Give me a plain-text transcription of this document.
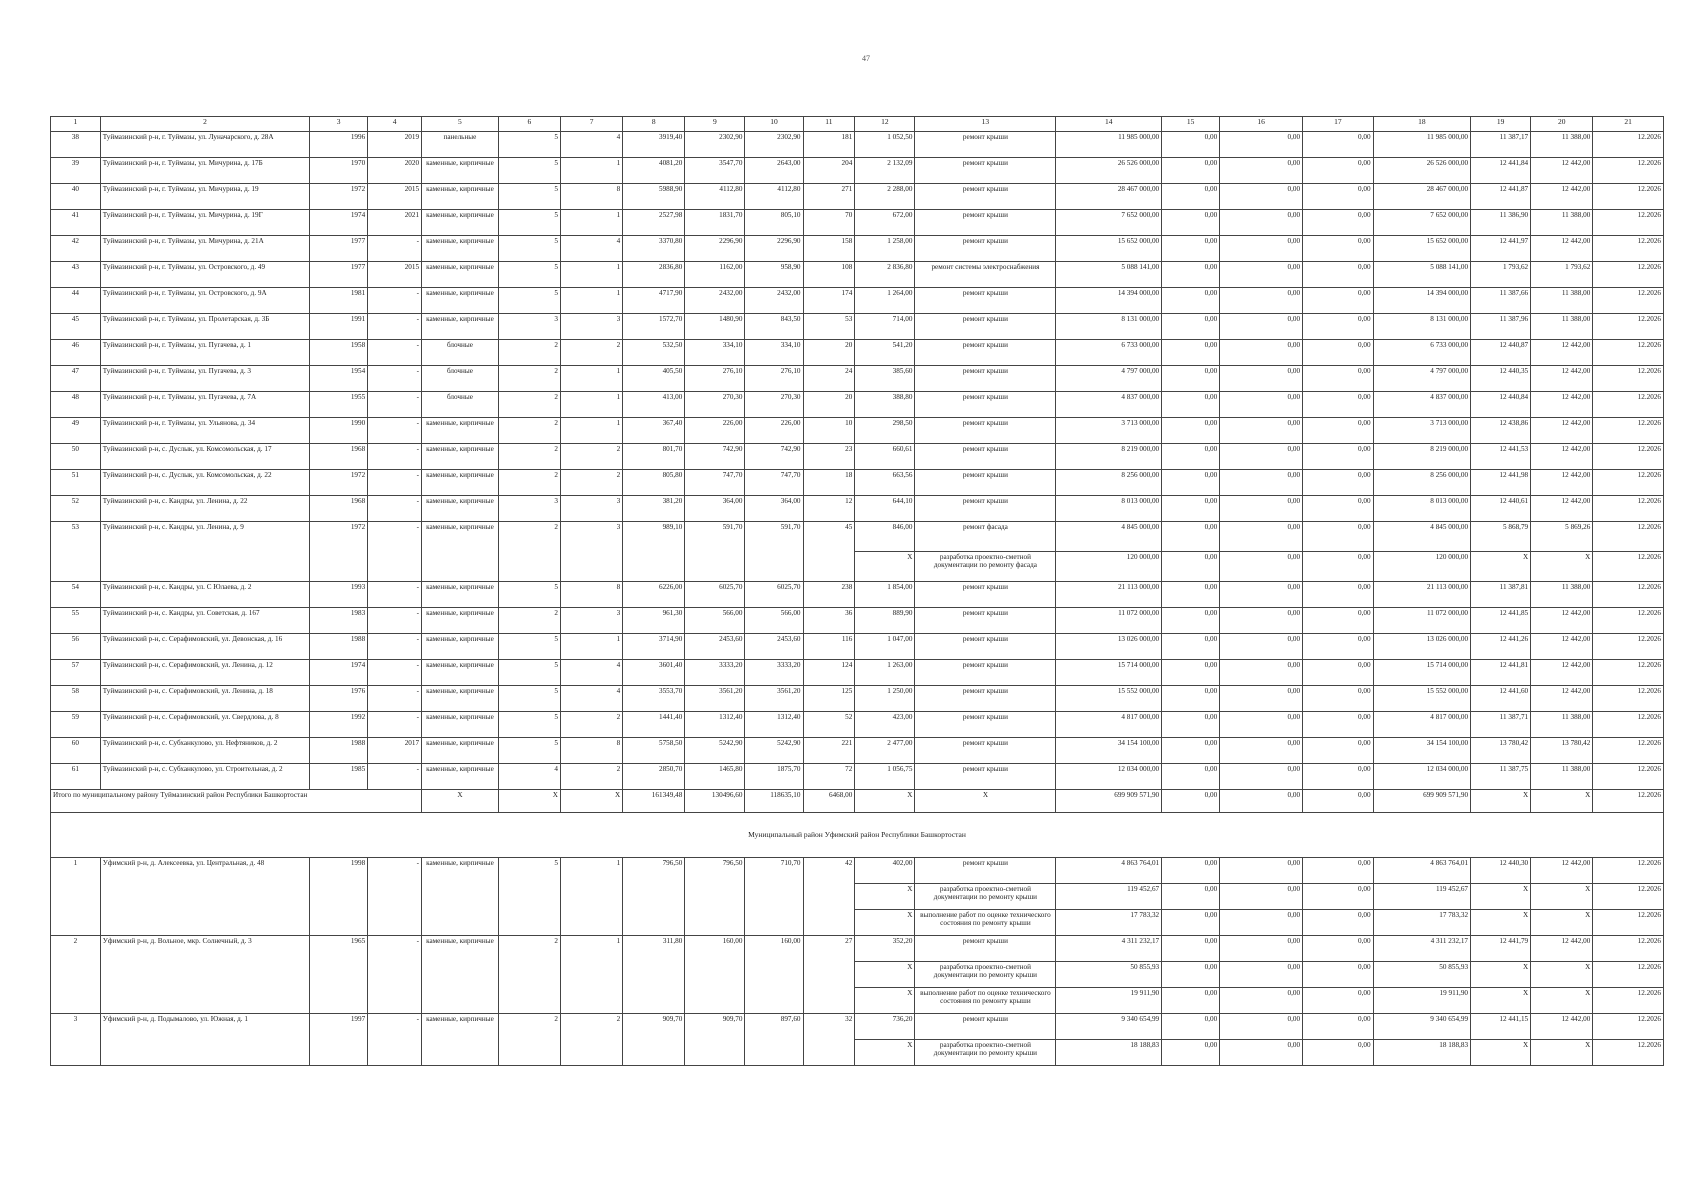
47
1	2	3	4	5	6	7	8	9	10	11	12	13	14	15	16	17	18	19	20	21
38	Туймазинский р-н, г. Туймазы, ул. Луначарского, д. 28А	1996	2019	панельные	5	4	3919,40	2302,90	2302,90	181	1 052,50	ремонт крыши	11 985 000,00	0,00	0,00	0,00	11 985 000,00	11 387,17	11 388,00	12.2026
39	Туймазинский р-н, г. Туймазы, ул. Мичурина, д. 17Б	1970	2020	каменные, кирпичные	5	1	4081,20	3547,70	2643,00	204	2 132,09	ремонт крыши	26 526 000,00	0,00	0,00	0,00	26 526 000,00	12 441,84	12 442,00	12.2026
40	Туймазинский р-н, г. Туймазы, ул. Мичурина, д. 19	1972	2015	каменные, кирпичные	5	8	5988,90	4112,80	4112,80	271	2 288,00	ремонт крыши	28 467 000,00	0,00	0,00	0,00	28 467 000,00	12 441,87	12 442,00	12.2026
41	Туймазинский р-н, г. Туймазы, ул. Мичурина, д. 19Г	1974	2021	каменные, кирпичные	5	1	2527,98	1831,70	805,10	70	672,00	ремонт крыши	7 652 000,00	0,00	0,00	0,00	7 652 000,00	11 386,90	11 388,00	12.2026
42	Туймазинский р-н, г. Туймазы, ул. Мичурина, д. 21А	1977	-	каменные, кирпичные	5	4	3370,80	2296,90	2296,90	158	1 258,00	ремонт крыши	15 652 000,00	0,00	0,00	0,00	15 652 000,00	12 441,97	12 442,00	12.2026
43	Туймазинский р-н, г. Туймазы, ул. Островского, д. 49	1977	2015	каменные, кирпичные	5	1	2836,80	1162,00	958,90	108	2 836,80	ремонт системы электроснабжения	5 088 141,00	0,00	0,00	0,00	5 088 141,00	1 793,62	1 793,62	12.2026
44	Туймазинский р-н, г. Туймазы, ул. Островского, д. 9А	1981	-	каменные, кирпичные	5	1	4717,90	2432,00	2432,00	174	1 264,00	ремонт крыши	14 394 000,00	0,00	0,00	0,00	14 394 000,00	11 387,66	11 388,00	12.2026
45	Туймазинский р-н, г. Туймазы, ул. Пролетарская, д. 3Б	1991	-	каменные, кирпичные	3	3	1572,70	1480,90	843,50	53	714,00	ремонт крыши	8 131 000,00	0,00	0,00	0,00	8 131 000,00	11 387,96	11 388,00	12.2026
46	Туймазинский р-н, г. Туймазы, ул. Пугачева, д. 1	1958	-	блочные	2	2	532,50	334,10	334,10	20	541,20	ремонт крыши	6 733 000,00	0,00	0,00	0,00	6 733 000,00	12 440,87	12 442,00	12.2026
47	Туймазинский р-н, г. Туймазы, ул. Пугачева, д. 3	1954	-	блочные	2	1	405,50	276,10	276,10	24	385,60	ремонт крыши	4 797 000,00	0,00	0,00	0,00	4 797 000,00	12 440,35	12 442,00	12.2026
48	Туймазинский р-н, г. Туймазы, ул. Пугачева, д. 7А	1955	-	блочные	2	1	413,00	270,30	270,30	20	388,80	ремонт крыши	4 837 000,00	0,00	0,00	0,00	4 837 000,00	12 440,84	12 442,00	12.2026
49	Туймазинский р-н, г. Туймазы, ул. Ульянова, д. 34	1990	-	каменные, кирпичные	2	1	367,40	226,00	226,00	10	298,50	ремонт крыши	3 713 000,00	0,00	0,00	0,00	3 713 000,00	12 438,86	12 442,00	12.2026
50	Туймазинский р-н, с. Дуслык, ул. Комсомольская, д. 17	1968	-	каменные, кирпичные	2	2	801,70	742,90	742,90	23	660,61	ремонт крыши	8 219 000,00	0,00	0,00	0,00	8 219 000,00	12 441,53	12 442,00	12.2026
51	Туймазинский р-н, с. Дуслык, ул. Комсомольская, д. 22	1972	-	каменные, кирпичные	2	2	805,80	747,70	747,70	18	663,56	ремонт крыши	8 256 000,00	0,00	0,00	0,00	8 256 000,00	12 441,98	12 442,00	12.2026
52	Туймазинский р-н, с. Кандры, ул. Ленина, д. 22	1968	-	каменные, кирпичные	3	3	381,20	364,00	364,00	12	644,10	ремонт крыши	8 013 000,00	0,00	0,00	0,00	8 013 000,00	12 440,61	12 442,00	12.2026
53	Туймазинский р-н, с. Кандры, ул. Ленина, д. 9	1972	-	каменные, кирпичные	2	3	989,10	591,70	591,70	45	846,00	ремонт фасада	4 845 000,00	0,00	0,00	0,00	4 845 000,00	5 868,79	5 869,26	12.2026
											X	разработка проектно-сметной документации по ремонту фасада	120 000,00	0,00	0,00	0,00	120 000,00	X	X	12.2026
54	Туймазинский р-н, с. Кандры, ул. С Юлаева, д. 2	1993	-	каменные, кирпичные	5	8	6226,00	6025,70	6025,70	238	1 854,00	ремонт крыши	21 113 000,00	0,00	0,00	0,00	21 113 000,00	11 387,81	11 388,00	12.2026
55	Туймазинский р-н, с. Кандры, ул. Советская, д. 167	1983	-	каменные, кирпичные	2	3	961,30	566,00	566,00	36	889,90	ремонт крыши	11 072 000,00	0,00	0,00	0,00	11 072 000,00	12 441,85	12 442,00	12.2026
56	Туймазинский р-н, с. Серафимовский, ул. Девонская, д. 16	1988	-	каменные, кирпичные	5	1	3714,90	2453,60	2453,60	116	1 047,00	ремонт крыши	13 026 000,00	0,00	0,00	0,00	13 026 000,00	12 441,26	12 442,00	12.2026
57	Туймазинский р-н, с. Серафимовский, ул. Ленина, д. 12	1974	-	каменные, кирпичные	5	4	3601,40	3333,20	3333,20	124	1 263,00	ремонт крыши	15 714 000,00	0,00	0,00	0,00	15 714 000,00	12 441,81	12 442,00	12.2026
58	Туймазинский р-н, с. Серафимовский, ул. Ленина, д. 18	1976	-	каменные, кирпичные	5	4	3553,70	3561,20	3561,20	125	1 250,00	ремонт крыши	15 552 000,00	0,00	0,00	0,00	15 552 000,00	12 441,60	12 442,00	12.2026
59	Туймазинский р-н, с. Серафимовский, ул. Свердлова, д. 8	1992	-	каменные, кирпичные	5	2	1441,40	1312,40	1312,40	52	423,00	ремонт крыши	4 817 000,00	0,00	0,00	0,00	4 817 000,00	11 387,71	11 388,00	12.2026
60	Туймазинский р-н, с. Субханкулово, ул. Нефтяников, д. 2	1988	2017	каменные, кирпичные	5	8	5758,50	5242,90	5242,90	221	2 477,00	ремонт крыши	34 154 100,00	0,00	0,00	0,00	34 154 100,00	13 780,42	13 780,42	12.2026
61	Туймазинский р-н, с. Субханкулово, ул. Строительная, д. 2	1985	-	каменные, кирпичные	4	2	2850,70	1465,80	1875,70	72	1 056,75	ремонт крыши	12 034 000,00	0,00	0,00	0,00	12 034 000,00	11 387,75	11 388,00	12.2026
Итого по муниципальному району Туймазинский район Республики Башкортостан				X	X	X	161349,48	130496,60	118635,10	6468,00	X	X	699 909 571,90	0,00	0,00	0,00	699 909 571,90	X	X	12.2026
Муниципальный район Уфимский район Республики Башкортостан																				
1	Уфимский р-н, д. Алексеевка, ул. Центральная, д. 48	1998	-	каменные, кирпичные	5	1	796,50	796,50	710,70	42	402,00	ремонт крыши	4 863 764,01	0,00	0,00	0,00	4 863 764,01	12 440,30	12 442,00	12.2026
											X	разработка проектно-сметной документации по ремонту крыши	119 452,67	0,00	0,00	0,00	119 452,67	X	X	12.2026
											X	выполнение работ по оценке технического состояния по ремонту крыши	17 783,32	0,00	0,00	0,00	17 783,32	X	X	12.2026
2	Уфимский р-н, д. Вольное, мкр. Солнечный, д. 3	1965	-	каменные, кирпичные	2	1	311,80	160,00	160,00	27	352,20	ремонт крыши	4 311 232,17	0,00	0,00	0,00	4 311 232,17	12 441,79	12 442,00	12.2026
											X	разработка проектно-сметной документации по ремонту крыши	50 855,93	0,00	0,00	0,00	50 855,93	X	X	12.2026
											X	выполнение работ по оценке технического состояния по ремонту крыши	19 911,90	0,00	0,00	0,00	19 911,90	X	X	12.2026
3	Уфимский р-н, д. Подымалово, ул. Южная, д. 1	1997	-	каменные, кирпичные	2	2	909,70	909,70	897,60	32	736,20	ремонт крыши	9 340 654,99	0,00	0,00	0,00	9 340 654,99	12 441,15	12 442,00	12.2026
											X	разработка проектно-сметной документации по ремонту крыши	18 188,83	0,00	0,00	0,00	18 188,83	X	X	12.2026
